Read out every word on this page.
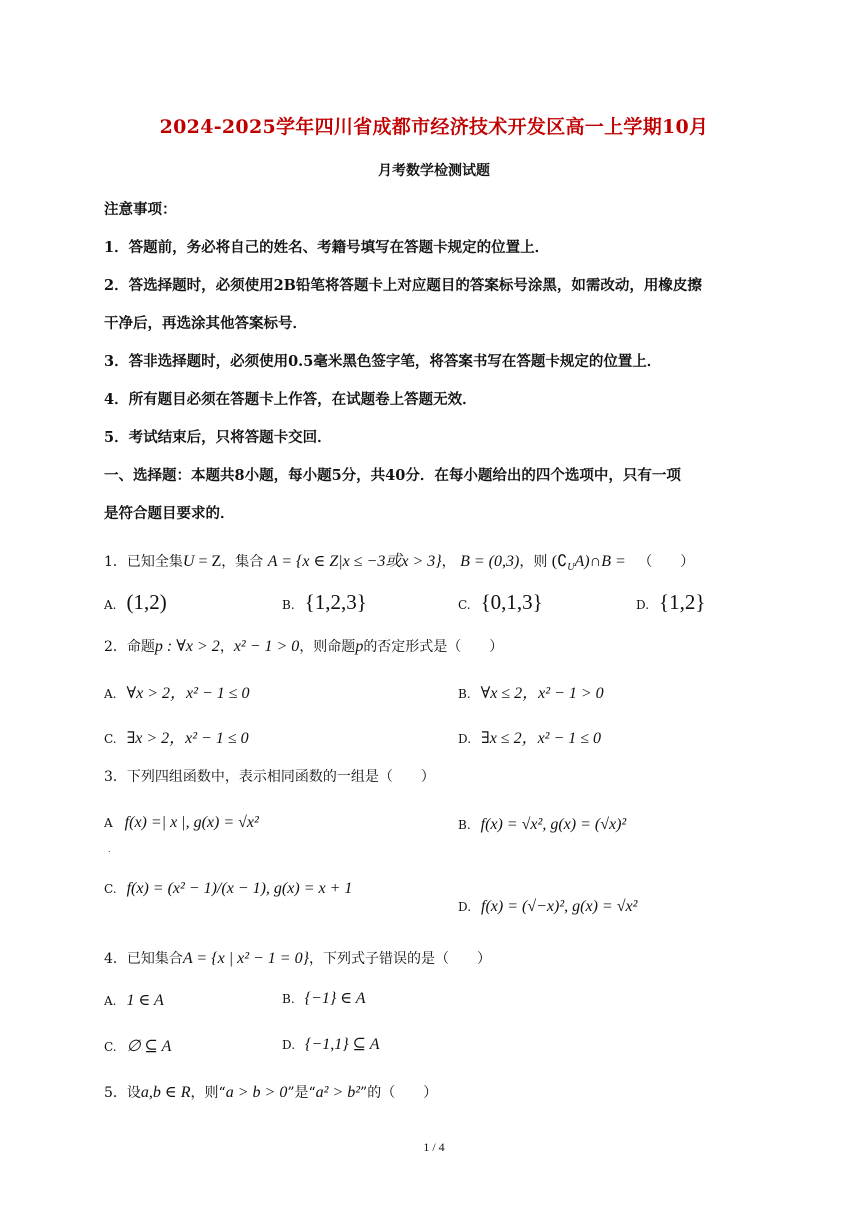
2024-2025学年四川省成都市经济技术开发区高一上学期10月
月考数学检测试题
注意事项：
1．答题前，务必将自己的姓名、考籍号填写在答题卡规定的位置上．
2．答选择题时，必须使用2B铅笔将答题卡上对应题目的答案标号涂黑，如需改动，用橡皮擦
干净后，再选涂其他答案标号．
3．答非选择题时，必须使用0.5毫米黑色签字笔，将答案书写在答题卡规定的位置上．
4．所有题目必须在答题卡上作答，在试题卷上答题无效．
5．考试结束后，只将答题卡交回．
一、选择题：本题共8小题，每小题5分，共40分．在每小题给出的四个选项中，只有一项
是符合题目要求的．
1．已知全集U = Z，集合 A = {x ∈ Z|x ≤ −3或x > 3}， B = (0,3)，则 $(∁_UA)\cap B$ = （　　）
A. (1,2)	B. {1,2,3}	C. {0,1,3}	D. {1,2}
2．命题p : ∀x > 2，x² − 1 > 0，则命题p的否定形式是（　　）
A. ∀x > 2，x² − 1 ≤ 0	B. ∀x ≤ 2，x² − 1 > 0
C. ∃x > 2，x² − 1 ≤ 0	D. ∃x ≤ 2，x² − 1 ≤ 0
3．下列四组函数中，表示相同函数的一组是（　　）
A f(x) =| x |, g(x) = √x²
.
B. f(x) = √x², g(x) = (√x)²
C. f(x) = (x² − 1)/(x − 1), g(x) = x + 1
D. f(x) = (√−x)², g(x) = √x²
4．已知集合A = {x | x² − 1 = 0}，下列式子错误的是（　　）
A. 1 ∈ A	B. {−1} ∈ A
C. ∅ ⊆ A	D. {−1,1} ⊆ A
5．设a,b ∈ R，则“a > b > 0”是“a² > b²”的（　　）
1 / 4
